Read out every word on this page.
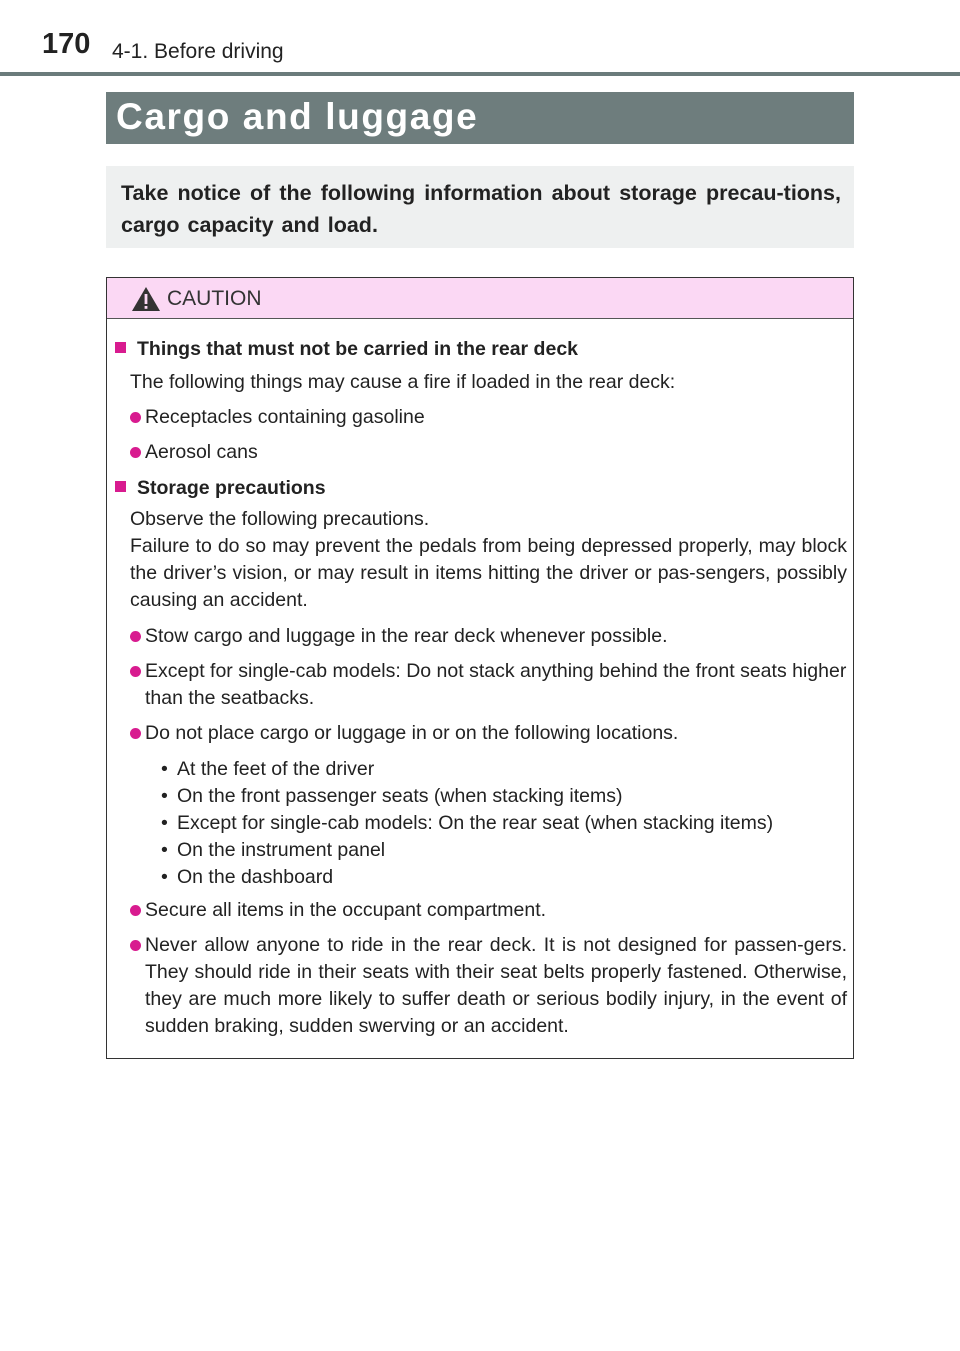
170 4-1. Before driving
Cargo and luggage
Take notice of the following information about storage precau-tions, cargo capacity and load.
CAUTION

Things that must not be carried in the rear deck

The following things may cause a fire if loaded in the rear deck:

Receptacles containing gasoline

Aerosol cans

Storage precautions

Observe the following precautions.

Failure to do so may prevent the pedals from being depressed properly, may block the driver’s vision, or may result in items hitting the driver or pas-sengers, possibly causing an accident.

Stow cargo and luggage in the rear deck whenever possible.

Except for single-cab models: Do not stack anything behind the front seats higher than the seatbacks.

Do not place cargo or luggage in or on the following locations.

• At the feet of the driver

• On the front passenger seats (when stacking items)

• Except for single-cab models: On the rear seat (when stacking items)

• On the instrument panel

• On the dashboard

Secure all items in the occupant compartment.

Never allow anyone to ride in the rear deck. It is not designed for passen-gers. They should ride in their seats with their seat belts properly fastened. Otherwise, they are much more likely to suffer death or serious bodily injury, in the event of sudden braking, sudden swerving or an accident.
